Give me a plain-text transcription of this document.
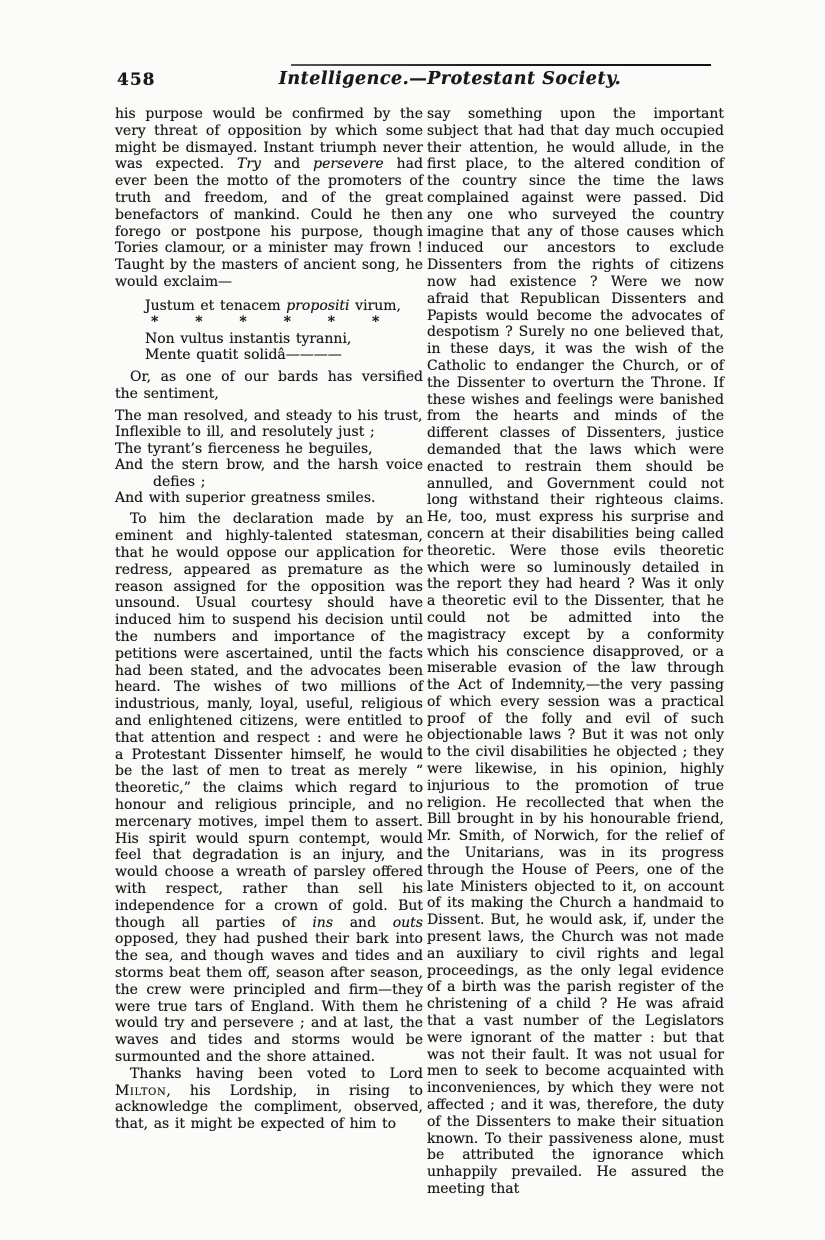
458	Intelligence.—Protestant Society.
his purpose would be confirmed by the very threat of opposition by which some might be dismayed. Instant triumph never was expected. Try and persevere had ever been the motto of the promoters of truth and freedom, and of the great benefactors of mankind. Could he then forego or postpone his purpose, though Tories clamour, or a minister may frown ! Taught by the masters of ancient song, he would exclaim—
Justum et tenacem propositi virum,
* * * * * *
Non vultus instantis tyranni,
Mente quatit solidâ————
Or, as one of our bards has versified the sentiment,
The man resolved, and steady to his trust,
Inflexible to ill, and resolutely just ;
The tyrant’s fierceness he beguiles,
And the stern brow, and the harsh voice defies ;
And with superior greatness smiles.
To him the declaration made by an eminent and highly-talented statesman, that he would oppose our application for redress, appeared as premature as the reason assigned for the opposition was unsound. Usual courtesy should have induced him to suspend his decision until the numbers and importance of the petitions were ascertained, until the facts had been stated, and the advocates been heard. The wishes of two millions of industrious, manly, loyal, useful, religious and enlightened citizens, were entitled to that attention and respect : and were he a Protestant Dissenter himself, he would be the last of men to treat as merely “ theoretic,” the claims which regard to honour and religious principle, and no mercenary motives, impel them to assert. His spirit would spurn contempt, would feel that degradation is an injury, and would choose a wreath of parsley offered with respect, rather than sell his independence for a crown of gold. But though all parties of ins and outs opposed, they had pushed their bark into the sea, and though waves and tides and storms beat them off, season after season, the crew were principled and firm—they were true tars of England. With them he would try and persevere ; and at last, the waves and tides and storms would be surmounted and the shore attained.
Thanks having been voted to Lord Milton, his Lordship, in rising to acknowledge the compliment, observed, that, as it might be expected of him to
say something upon the important subject that had that day much occupied their attention, he would allude, in the first place, to the altered condition of the country since the time the laws complained against were passed. Did any one who surveyed the country imagine that any of those causes which induced our ancestors to exclude Dissenters from the rights of citizens now had existence ? Were we now afraid that Republican Dissenters and Papists would become the advocates of despotism ? Surely no one believed that, in these days, it was the wish of the Catholic to endanger the Church, or of the Dissenter to overturn the Throne. If these wishes and feelings were banished from the hearts and minds of the different classes of Dissenters, justice demanded that the laws which were enacted to restrain them should be annulled, and Government could not long withstand their righteous claims. He, too, must express his surprise and concern at their disabilities being called theoretic. Were those evils theoretic which were so luminously detailed in the report they had heard ? Was it only a theoretic evil to the Dissenter, that he could not be admitted into the magistracy except by a conformity which his conscience disapproved, or a miserable evasion of the law through the Act of Indemnity,—the very passing of which every session was a practical proof of the folly and evil of such objectionable laws ? But it was not only to the civil disabilities he objected ; they were likewise, in his opinion, highly injurious to the promotion of true religion. He recollected that when the Bill brought in by his honourable friend, Mr. Smith, of Norwich, for the relief of the Unitarians, was in its progress through the House of Peers, one of the late Ministers objected to it, on account of its making the Church a handmaid to Dissent. But, he would ask, if, under the present laws, the Church was not made an auxiliary to civil rights and legal proceedings, as the only legal evidence of a birth was the parish register of the christening of a child ? He was afraid that a vast number of the Legislators were ignorant of the matter : but that was not their fault. It was not usual for men to seek to become acquainted with inconveniences, by which they were not affected ; and it was, therefore, the duty of the Dissenters to make their situation known. To their passiveness alone, must be attributed the ignorance which unhappily prevailed. He assured the meeting that
